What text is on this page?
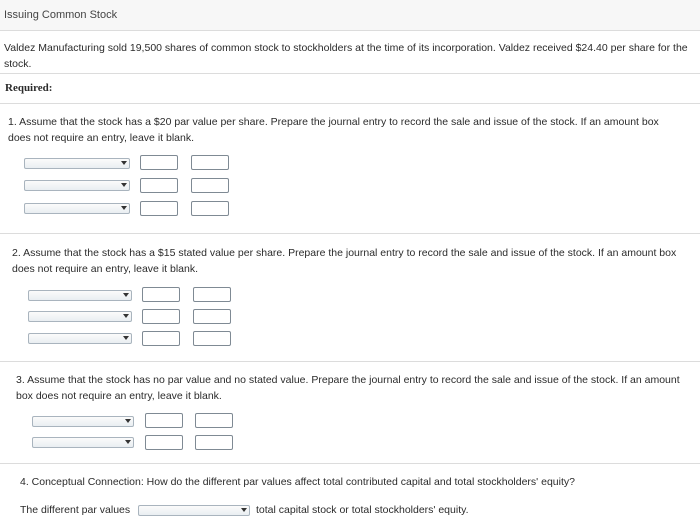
Issuing Common Stock
Valdez Manufacturing sold 19,500 shares of common stock to stockholders at the time of its incorporation. Valdez received $24.40 per share for the stock.
Required:
1. Assume that the stock has a $20 par value per share. Prepare the journal entry to record the sale and issue of the stock. If an amount box does not require an entry, leave it blank.
2. Assume that the stock has a $15 stated value per share. Prepare the journal entry to record the sale and issue of the stock. If an amount box does not require an entry, leave it blank.
3. Assume that the stock has no par value and no stated value. Prepare the journal entry to record the sale and issue of the stock. If an amount box does not require an entry, leave it blank.
4. Conceptual Connection: How do the different par values affect total contributed capital and total stockholders' equity?
The different par values	total capital stock or total stockholders' equity.
